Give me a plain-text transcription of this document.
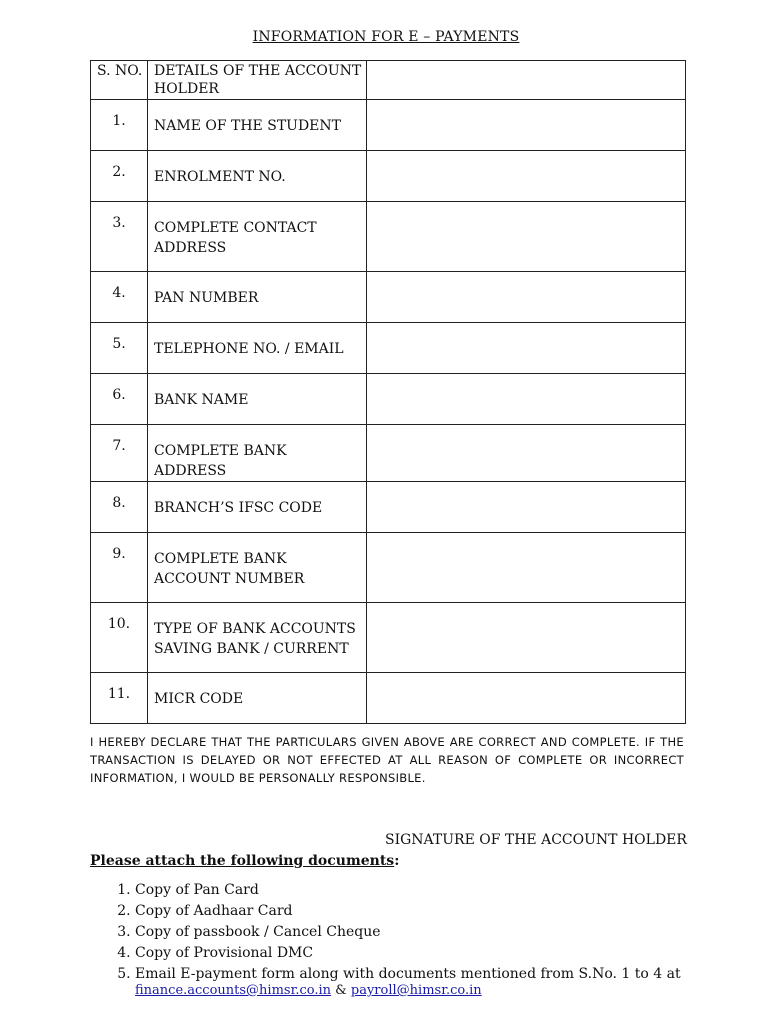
INFORMATION FOR E – PAYMENTS
S. NO.	DETAILS OF THE ACCOUNT HOLDER	
1.	NAME OF THE STUDENT	
2.	ENROLMENT NO.	
3.	COMPLETE CONTACT ADDRESS	
4.	PAN NUMBER	
5.	TELEPHONE NO. / EMAIL	
6.	BANK NAME	
7.	COMPLETE BANK ADDRESS	
8.	BRANCH’S IFSC CODE	
9.	COMPLETE BANK ACCOUNT NUMBER	
10.	TYPE OF BANK ACCOUNTS SAVING BANK / CURRENT	
11.	MICR CODE	
I HEREBY DECLARE THAT THE PARTICULARS GIVEN ABOVE ARE CORRECT AND COMPLETE. IF THE TRANSACTION IS DELAYED OR NOT EFFECTED AT ALL REASON OF COMPLETE OR INCORRECT INFORMATION, I WOULD BE PERSONALLY RESPONSIBLE.
SIGNATURE OF THE ACCOUNT HOLDER
Please attach the following documents:
1. Copy of Pan Card
2. Copy of Aadhaar Card
3. Copy of passbook / Cancel Cheque
4. Copy of Provisional DMC
5. Email E-payment form along with documents mentioned from S.No. 1 to 4 at
finance.accounts@himsr.co.in & payroll@himsr.co.in
